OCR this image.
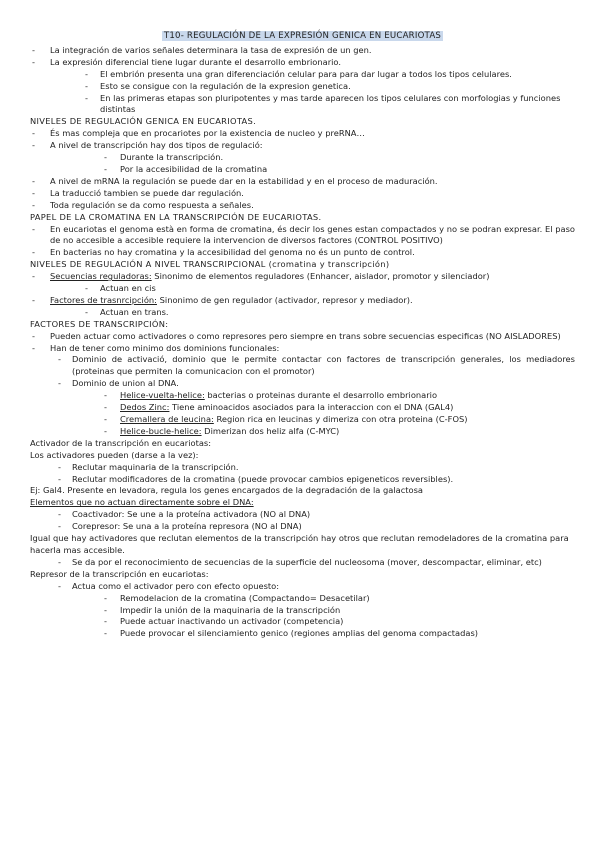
T10- REGULACIÓN DE LA EXPRESIÓN GENICA EN EUCARIOTAS
- La integración de varios señales determinara la tasa de expresión de un gen.
- La expresión diferencial tiene lugar durante el desarrollo embrionario.
- El embrión presenta una gran diferenciación celular para para dar lugar a todos los tipos celulares.
- Esto se consigue con la regulación de la expresion genetica.
- En las primeras etapas son pluripotentes y mas tarde aparecen los tipos celulares con morfologias y funciones distintas
NIVELES DE REGULACIÓN GENICA EN EUCARIOTAS.
- És mas compleja que en procariotes por la existencia de nucleo y preRNA…
- A nivel de transcripción hay dos tipos de regulació:
- Durante la transcripción.
- Por la accesibilidad de la cromatina
- A nivel de mRNA la regulación se puede dar en la estabilidad y en el proceso de maduración.
- La traducció tambien se puede dar regulación.
- Toda regulación se da como respuesta a señales.
PAPEL DE LA CROMATINA EN LA TRANSCRIPCIÓN DE EUCARIOTAS.
- En eucariotas el genoma està en forma de cromatina, és decir los genes estan compactados y no se podran expresar. El paso de no accesible a accesible requiere la intervencion de diversos factores (CONTROL POSITIVO)
- En bacterias no hay cromatina y la accesibilidad del genoma no és un punto de control.
NIVELES DE REGULACIÓN A NIVEL TRANSCRIPCIONAL (cromatina y transcripción)
- Secuencias reguladoras: Sinonimo de elementos reguladores (Enhancer, aislador, promotor y silenciador)
- Actuan en cis
- Factores de trasnrcipción: Sinonimo de gen regulador (activador, represor y mediador).
- Actuan en trans.
FACTORES DE TRANSCRIPCIÓN:
- Pueden actuar como activadores o como represores pero siempre en trans sobre secuencias especificas (NO AISLADORES)
- Han de tener como minimo dos dominions funcionales:
- Dominio de activació, dominio que le permite contactar con factores de transcripción generales, los mediadores (proteinas que permiten la comunicacion con el promotor)
- Dominio de union al DNA.
- Helice-vuelta-helice: bacterias o proteinas durante el desarrollo embrionario
- Dedos Zinc: Tiene aminoacidos asociados para la interaccion con el DNA (GAL4)
- Cremallera de leucina: Region rica en leucinas y dimeriza con otra proteina (C-FOS)
- Helice-bucle-helice: Dimerizan dos heliz alfa (C-MYC)
Activador de la transcripción en eucariotas:
Los activadores pueden (darse a la vez):
- Reclutar maquinaria de la transcripción.
- Reclutar modificadores de la cromatina (puede provocar cambios epigeneticos reversibles).
Ej: Gal4. Presente en levadora, regula los genes encargados de la degradación de la galactosa
Elementos que no actuan directamente sobre el DNA:
- Coactivador: Se une a la proteína activadora (NO al DNA)
- Corepresor: Se una a la proteína represora (NO al DNA)
Igual que hay activadores que reclutan elementos de la transcripción hay otros que reclutan remodeladores de la cromatina para hacerla mas accesible.
- Se da por el reconocimiento de secuencias de la superficie del nucleosoma (mover, descompactar, eliminar, etc)
Represor de la transcripción en eucariotas:
- Actua como el activador pero con efecto opuesto:
- Remodelacion de la cromatina (Compactando= Desacetilar)
- Impedir la unión de la maquinaria de la transcripción
- Puede actuar inactivando un activador (competencia)
- Puede provocar el silenciamiento genico (regiones amplias del genoma compactadas)
